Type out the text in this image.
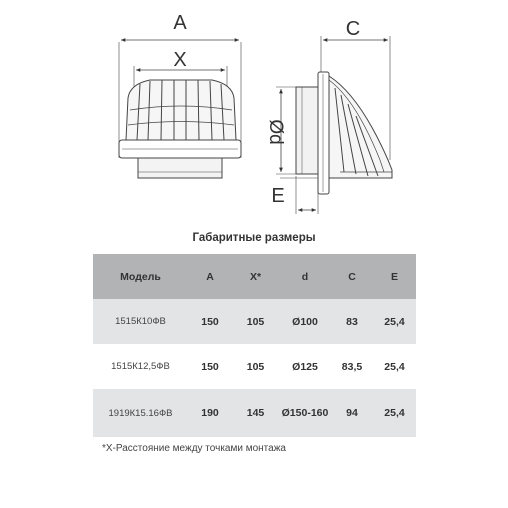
A
X
C
Ød
E
Габаритные размеры
Модель	A	X*	d	C	E
1515К10ФВ	150	105	Ø100	83	25,4
1515К12,5ФВ	150	105	Ø125	83,5	25,4
1919К15.16ФВ	190	145	Ø150-160	94	25,4
*X-Расстояние между точками монтажа
